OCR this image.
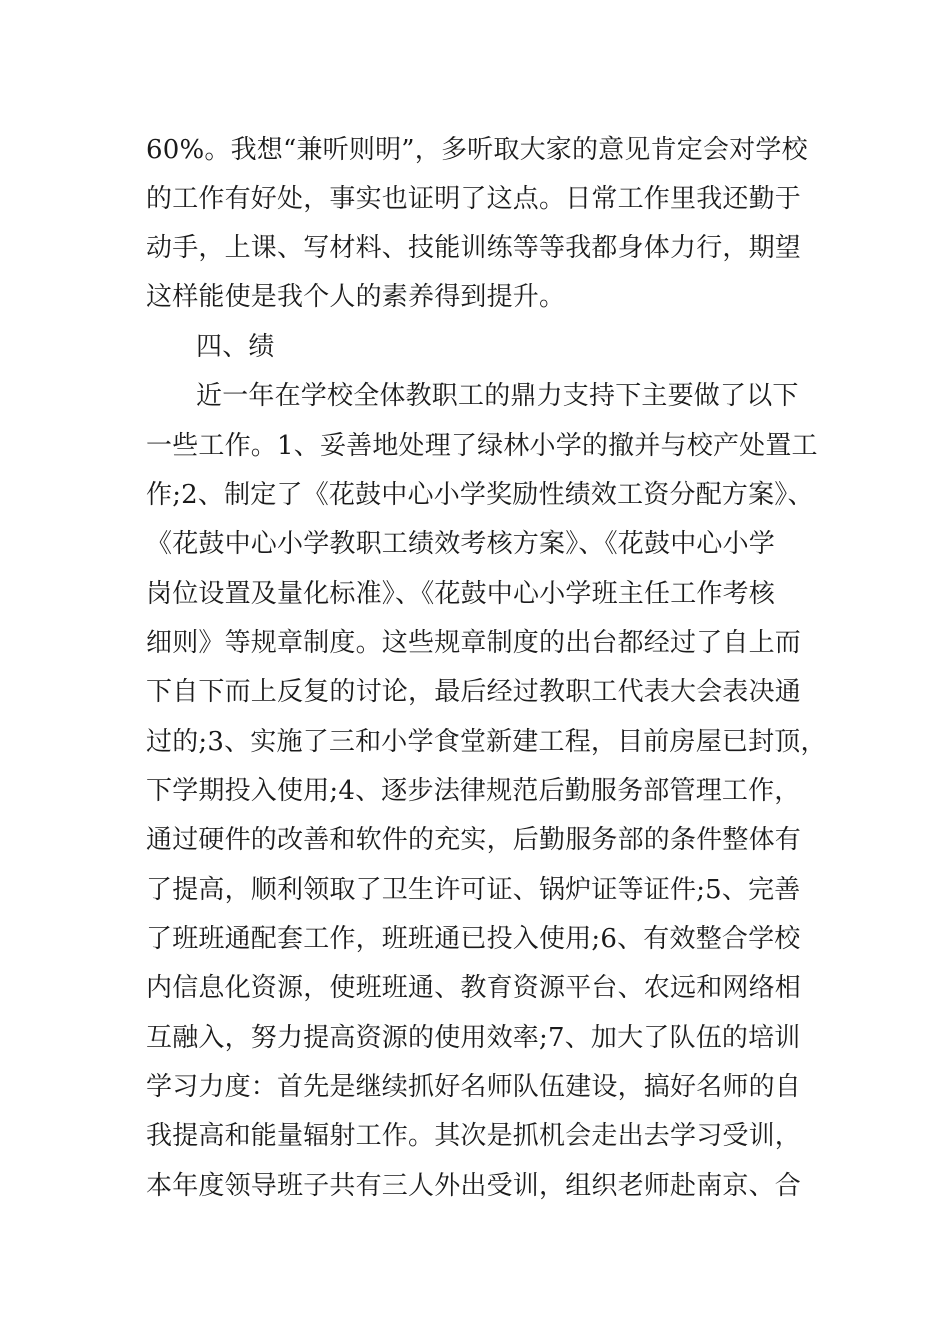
60%。我想“兼听则明”，多听取大家的意见肯定会对学校
的工作有好处，事实也证明了这点。日常工作里我还勤于
动手，上课、写材料、技能训练等等我都身体力行，期望
这样能使是我个人的素养得到提升。
四、绩
近一年在学校全体教职工的鼎力支持下主要做了以下
一些工作。1、妥善地处理了绿林小学的撤并与校产处置工
作;2、制定了《花鼓中心小学奖励性绩效工资分配方案》、
《花鼓中心小学教职工绩效考核方案》、《花鼓中心小学
岗位设置及量化标准》、《花鼓中心小学班主任工作考核
细则》等规章制度。这些规章制度的出台都经过了自上而
下自下而上反复的讨论，最后经过教职工代表大会表决通
过的;3、实施了三和小学食堂新建工程，目前房屋已封顶，
下学期投入使用;4、逐步法律规范后勤服务部管理工作，
通过硬件的改善和软件的充实，后勤服务部的条件整体有
了提高，顺利领取了卫生许可证、锅炉证等证件;5、完善
了班班通配套工作，班班通已投入使用;6、有效整合学校
内信息化资源，使班班通、教育资源平台、农远和网络相
互融入，努力提高资源的使用效率;7、加大了队伍的培训
学习力度：首先是继续抓好名师队伍建设，搞好名师的自
我提高和能量辐射工作。其次是抓机会走出去学习受训，
本年度领导班子共有三人外出受训，组织老师赴南京、合
